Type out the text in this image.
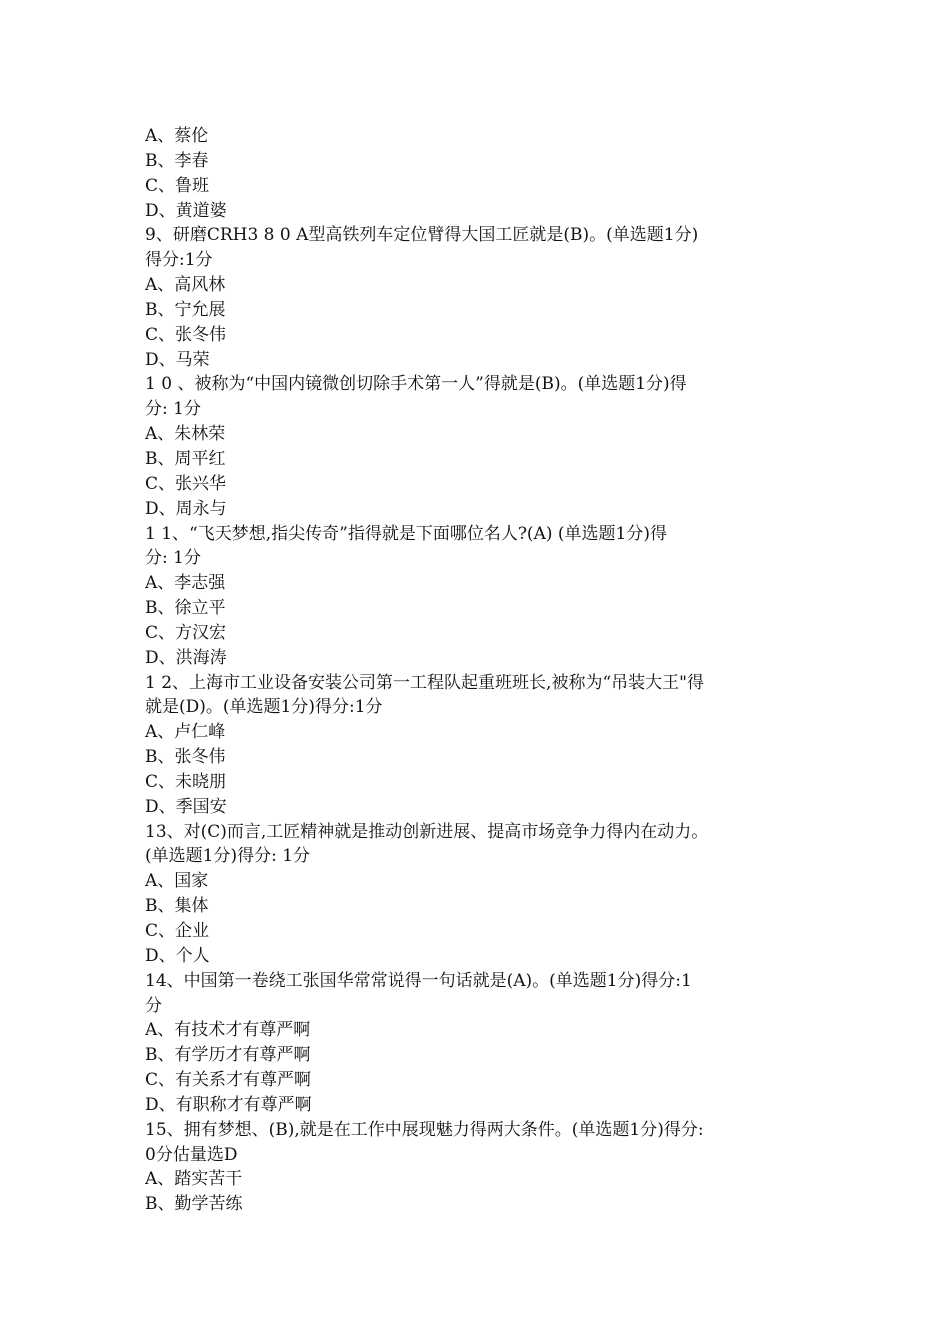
A、蔡伦
B、李春
C、鲁班
D、黄道婆
9、研磨CRH3 8 0 A型高铁列车定位臂得大国工匠就是(B)。(单选题1分)
得分:1分
A、高风林
B、宁允展
C、张冬伟
D、马荣
1 0 、被称为“中国内镜微创切除手术第一人”得就是(B)。(单选题1分)得
分: 1分
A、朱林荣
B、周平红
C、张兴华
D、周永与
1 1、“飞天梦想,指尖传奇”指得就是下面哪位名人?(A) (单选题1分)得
分: 1分
A、李志强
B、徐立平
C、方汉宏
D、洪海涛
1 2、上海市工业设备安装公司第一工程队起重班班长,被称为“吊装大王"得
就是(D)。(单选题1分)得分:1分
A、卢仁峰
B、张冬伟
C、未晓朋
D、季国安
13、对(C)而言,工匠精神就是推动创新进展、提高市场竞争力得内在动力。
(单选题1分)得分: 1分
A、国家
B、集体
C、企业
D、个人
14、中国第一卷绕工张国华常常说得一句话就是(A)。(单选题1分)得分:1
分
A、有技术才有尊严啊
B、有学历才有尊严啊
C、有关系才有尊严啊
D、有职称才有尊严啊
15、拥有梦想、(B),就是在工作中展现魅力得两大条件。(单选题1分)得分:
0分估量选D
A、踏实苦干
B、勤学苦练
